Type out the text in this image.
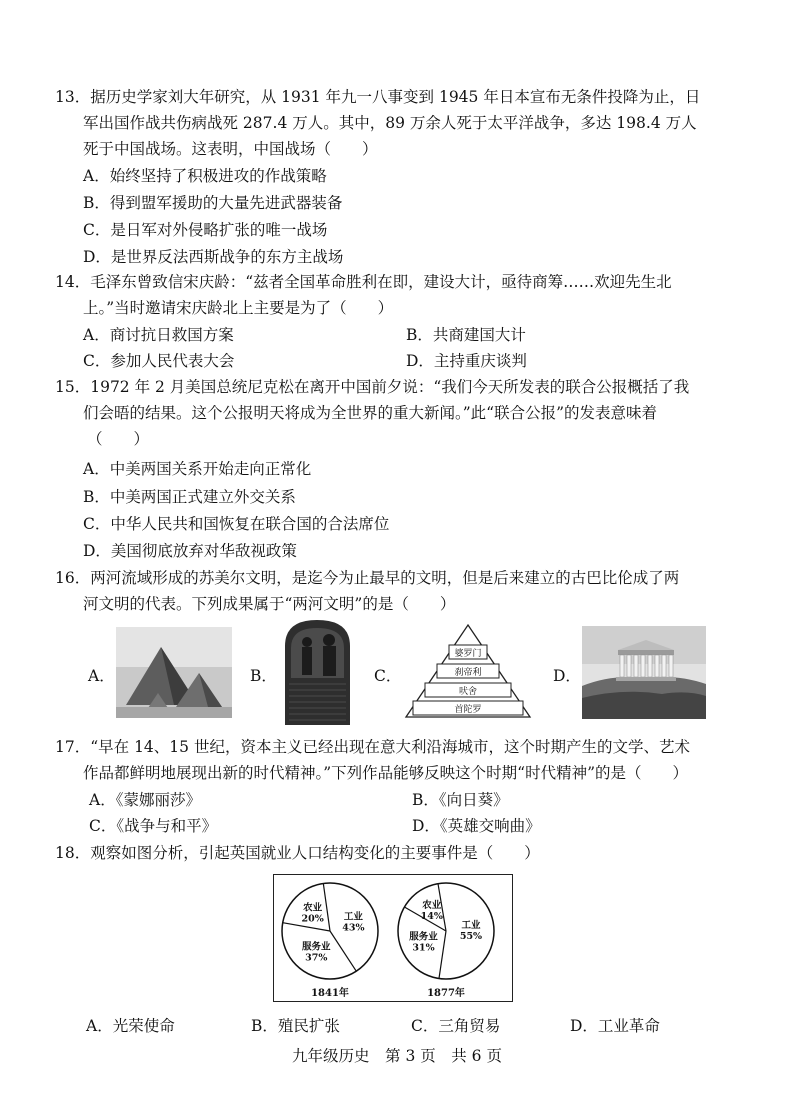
13．据历史学家刘大年研究，从 1931 年九一八事变到 1945 年日本宣布无条件投降为止，日
军出国作战共伤病战死 287.4 万人。其中，89 万余人死于太平洋战争，多达 198.4 万人
死于中国战场。这表明，中国战场（　　）
A．始终坚持了积极进攻的作战策略
B．得到盟军援助的大量先进武器装备
C．是日军对外侵略扩张的唯一战场
D．是世界反法西斯战争的东方主战场
14．毛泽东曾致信宋庆龄：“兹者全国革命胜利在即，建设大计，亟待商筹……欢迎先生北
上。”当时邀请宋庆龄北上主要是为了（　　）
A．商讨抗日救国方案	B．共商建国大计
C．参加人民代表大会	D．主持重庆谈判
15．1972 年 2 月美国总统尼克松在离开中国前夕说：“我们今天所发表的联合公报概括了我
们会晤的结果。这个公报明天将成为全世界的重大新闻。”此“联合公报”的发表意味着
（　　）
A．中美两国关系开始走向正常化
B．中美两国正式建立外交关系
C．中华人民共和国恢复在联合国的合法席位
D．美国彻底放弃对华敌视政策
16．两河流域形成的苏美尔文明，是迄今为止最早的文明，但是后来建立的古巴比伦成了两
河文明的代表。下列成果属于“两河文明”的是（　　）
A．	B．	C．
婆罗门
刹帝利
吠舍
首陀罗
D．
17．“早在 14、15 世纪，资本主义已经出现在意大利沿海城市，这个时期产生的文学、艺术
作品都鲜明地展现出新的时代精神。”下列作品能够反映这个时期“时代精神”的是（　　）
A．《蒙娜丽莎》	B．《向日葵》
C．《战争与和平》	D．《英雄交响曲》
18．观察如图分析，引起英国就业人口结构变化的主要事件是（　　）
农业
20% 工业
43%
服务业
37%
1841年
农业
14%
工业
55%
服务业
31%
1877年
A．光荣使命	B．殖民扩张	C．三角贸易	D．工业革命
九年级历史　第 3 页　共 6 页
